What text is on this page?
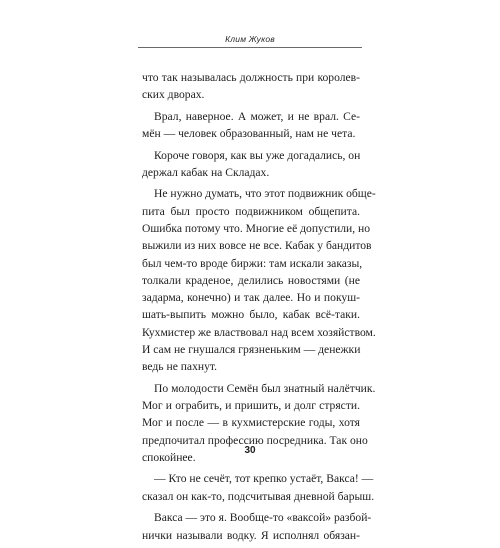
Клим Жуков
что так называлась должность при королев-
ских дворах.
Врал, наверное. А может, и не врал. Се-
мён — человек образованный, нам не чета.
Короче говоря, как вы уже догадались, он
держал кабак на Складах.
Не нужно думать, что этот подвижник обще-
пита был просто подвижником общепита.
Ошибка потому что. Многие её допустили, но
выжили из них вовсе не все. Кабак у бандитов
был чем-то вроде биржи: там искали заказы,
толкали краденое, делились новостями (не
задарма, конечно) и так далее. Но и покуш-
шать-выпить можно было, кабак всё-таки.
Кухмистер же властвовал над всем хозяйством.
И сам не гнушался грязненьким — денежки
ведь не пахнут.
По молодости Семён был знатный налётчик.
Мог и ограбить, и пришить, и долг стрясти.
Мог и после — в кухмистерские годы, хотя
предпочитал профессию посредника. Так оно
спокойнее.
— Кто не сечёт, тот крепко устаёт, Вакса! —
сказал он как-то, подсчитывая дневной барыш.
Вакса — это я. Вообще-то «ваксой» разбой-
нички называли водку. Я исполнял обязан-
30
